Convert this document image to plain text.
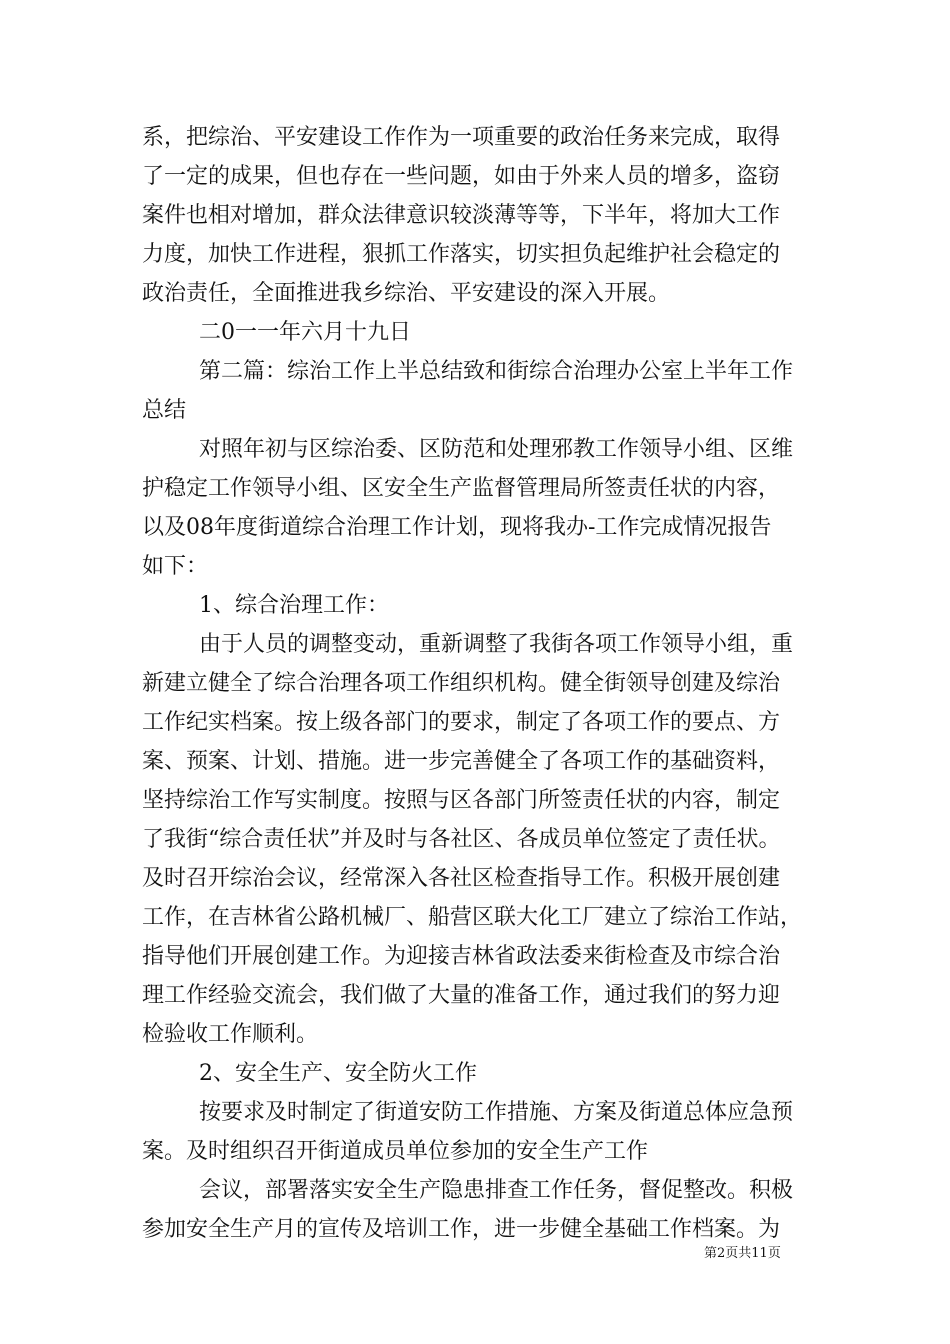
系，把综治、平安建设工作作为一项重要的政治任务来完成，取得
了一定的成果，但也存在一些问题，如由于外来人员的增多，盗窃
案件也相对增加，群众法律意识较淡薄等等，下半年，将加大工作
力度，加快工作进程，狠抓工作落实，切实担负起维护社会稳定的
政治责任，全面推进我乡综治、平安建设的深入开展。
二0一一年六月十九日
第二篇：综治工作上半总结致和街综合治理办公室上半年工作
总结
对照年初与区综治委、区防范和处理邪教工作领导小组、区维
护稳定工作领导小组、区安全生产监督管理局所签责任状的内容，
以及08年度街道综合治理工作计划，现将我办-工作完成情况报告
如下：
1、综合治理工作：
由于人员的调整变动，重新调整了我街各项工作领导小组，重
新建立健全了综合治理各项工作组织机构。健全街领导创建及综治
工作纪实档案。按上级各部门的要求，制定了各项工作的要点、方
案、预案、计划、措施。进一步完善健全了各项工作的基础资料，
坚持综治工作写实制度。按照与区各部门所签责任状的内容，制定
了我街“综合责任状”并及时与各社区、各成员单位签定了责任状。
及时召开综治会议，经常深入各社区检查指导工作。积极开展创建
工作，在吉林省公路机械厂、船营区联大化工厂建立了综治工作站，
指导他们开展创建工作。为迎接吉林省政法委来街检查及市综合治
理工作经验交流会，我们做了大量的准备工作，通过我们的努力迎
检验收工作顺利。
2、安全生产、安全防火工作
按要求及时制定了街道安防工作措施、方案及街道总体应急预
案。及时组织召开街道成员单位参加的安全生产工作
会议，部署落实安全生产隐患排查工作任务，督促整改。积极
参加安全生产月的宣传及培训工作，进一步健全基础工作档案。为
第2页共11页
